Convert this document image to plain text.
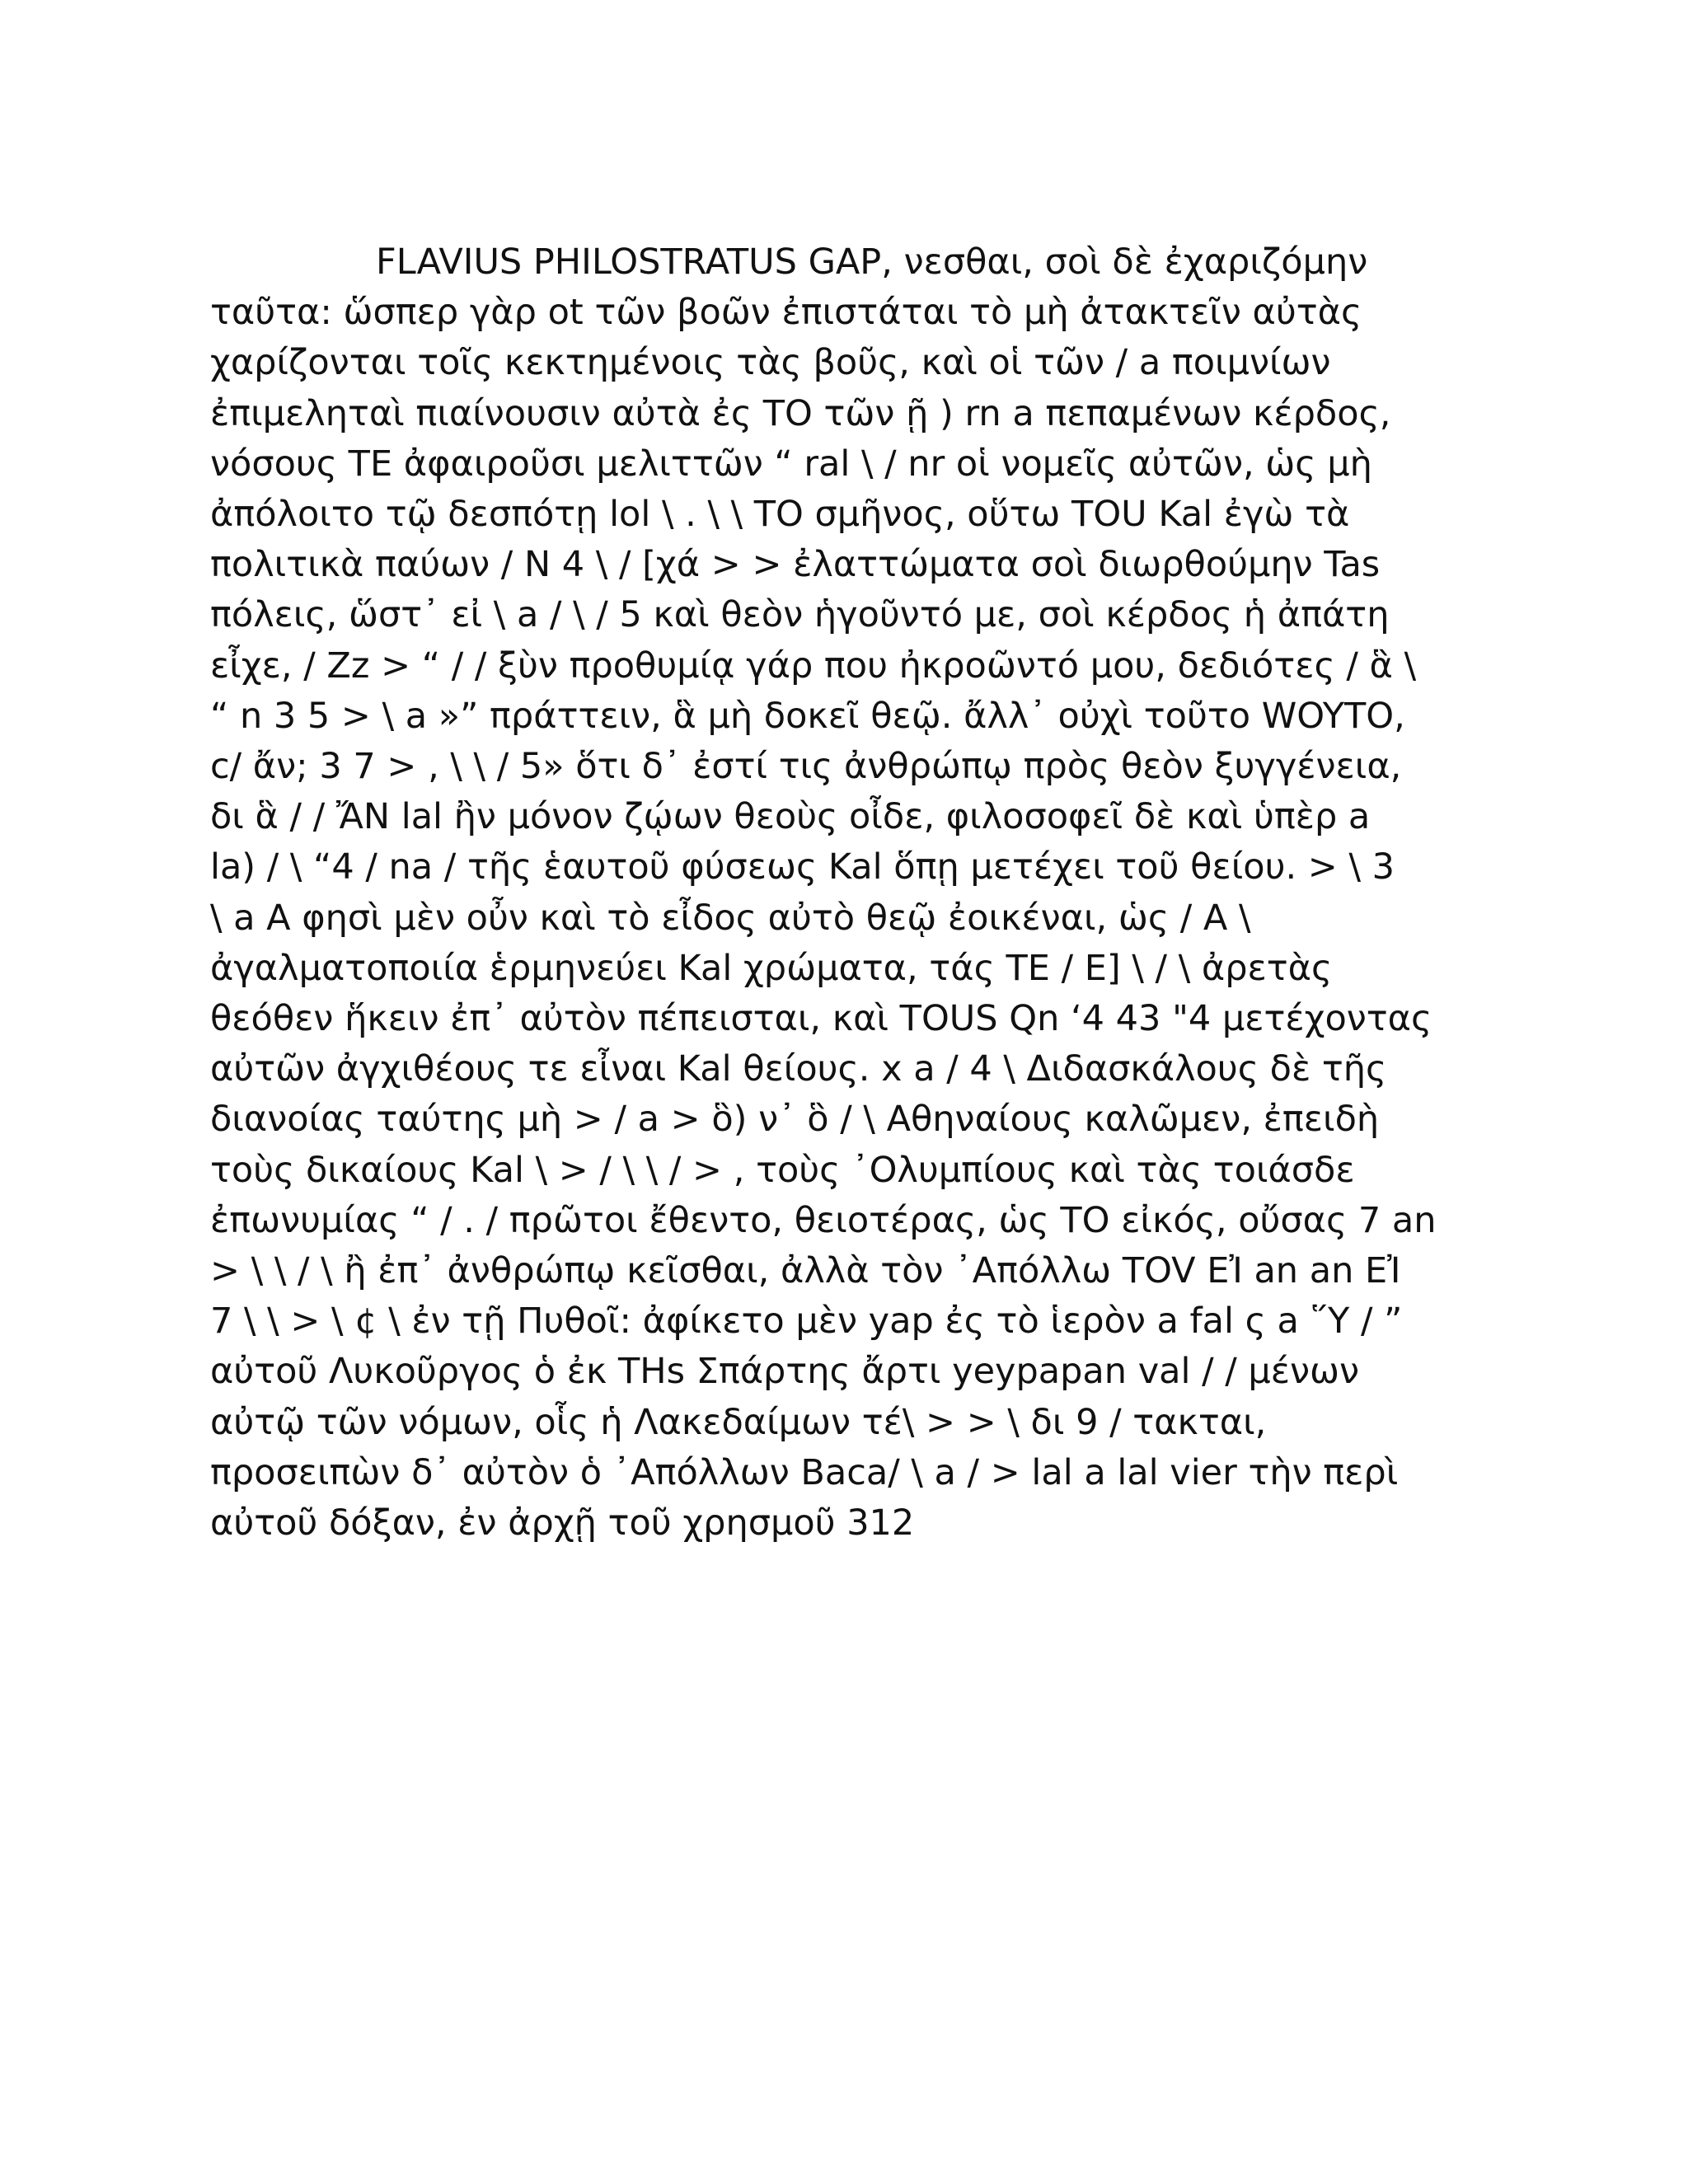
FLAVIUS PHILOSTRATUS GAP, νεσθαι, σοὶ δὲ ἐχαριζόμην
ταῦτα: ὥσπερ γὰρ ot τῶν βοῶν ἐπιστάται τὸ μὴ ἀτακτεῖν αὐτὰς
χαρίζονται τοῖς κεκτημένοις τὰς βοῦς, καὶ οἱ τῶν / a ποιμνίων
ἐπιμεληταὶ πιαίνουσιν αὐτὰ ἐς TO τῶν ῇ ) rn a πεπαμένων κέρδος,
νόσους TE ἀφαιροῦσι μελιττῶν “ ral \ / nr οἱ νομεῖς αὐτῶν, ὡς μὴ
ἀπόλοιτο τῷ δεσπότῃ lol \ . \ \ TO σμῆνος, οὕτω TOU Kal ἐγὼ τὰ
πολιτικὰ παύων / N 4 \ / [χά > > ἐλαττώματα σοὶ διωρθούμην Tas
πόλεις, ὥστ᾿ εἰ \ a / \ / 5 καὶ θεὸν ἡγοῦντό με, σοὶ κέρδος ἡ ἀπάτη
εἶχε, / Zz > “ / / ξὺν προθυμίᾳ γάρ που ἠκροῶντό μου, δεδιότες / ἃ \
“ n 3 5 > \ a »” πράττειν, ἃ μὴ δοκεῖ θεῷ. ἄλλ᾿ οὐχὶ τοῦτο WOYTO,
c/ ἄν; 3 7 > , \ \ / 5» ὅτι δ᾿ ἐστί τις ἀνθρώπῳ πρὸς θεὸν ξυγγένεια,
δι ἃ / / ἌN lal ἢν μόνον ζῴων θεοὺς οἶδε, φιλοσοφεῖ δὲ καὶ ὑπὲρ a
la) / \ “4 / na / τῆς ἑαυτοῦ φύσεως Kal ὅπῃ μετέχει τοῦ θείου. > \ 3
\ a A φησὶ μὲν οὖν καὶ τὸ εἶδος αὐτὸ θεῷ ἐοικέναι, ὡς / A \
ἀγαλματοποιία ἑρμηνεύει Kal χρώματα, τάς TE / E] \ / \ ἀρετὰς
θεόθεν ἥκειν ἐπ᾿ αὐτὸν πέπεισται, καὶ TOUS Qn ‘4 43 "4 μετέχοντας
αὐτῶν ἀγχιθέους τε εἶναι Kal θείους. x a / 4 \ Διδασκάλους δὲ τῆς
διανοίας ταύτης μὴ > / a > ὃ) ν᾿ ὃ / \ Αθηναίους καλῶμεν, ἐπειδὴ
τοὺς δικαίους Kal \ > / \ \ / > , τοὺς ᾿Ολυμπίους καὶ τὰς τοιάσδε
ἐπωνυμίας “ / . / πρῶτοι ἔθεντο, θειοτέρας, ὡς TO εἰκός, οὔσας 7 an
> \ \ / \ ἢ ἐπ᾿ ἀνθρώπῳ κεῖσθαι, ἀλλὰ τὸν ᾿Απόλλω TOV EἸ an an EἸ
7 \ \ > \ ¢ \ ἐν τῇ Πυθοῖ: ἀφίκετο μὲν yap ἐς τὸ ἱερὸν a fal ς a ῞Y / ”
αὐτοῦ Λυκοῦργος ὁ ἐκ THs Σπάρτης ἄρτι yeypapan val / / μένων
αὐτῷ τῶν νόμων, οἷς ἡ Λακεδαίμων τέ\ > > \ δι 9 / τακται,
προσειπὼν δ᾿ αὐτὸν ὁ ᾿Απόλλων Baca/ \ a / > lal a lal vier τὴν περὶ
αὐτοῦ δόξαν, ἐν ἀρχῇ τοῦ χρησμοῦ 312
